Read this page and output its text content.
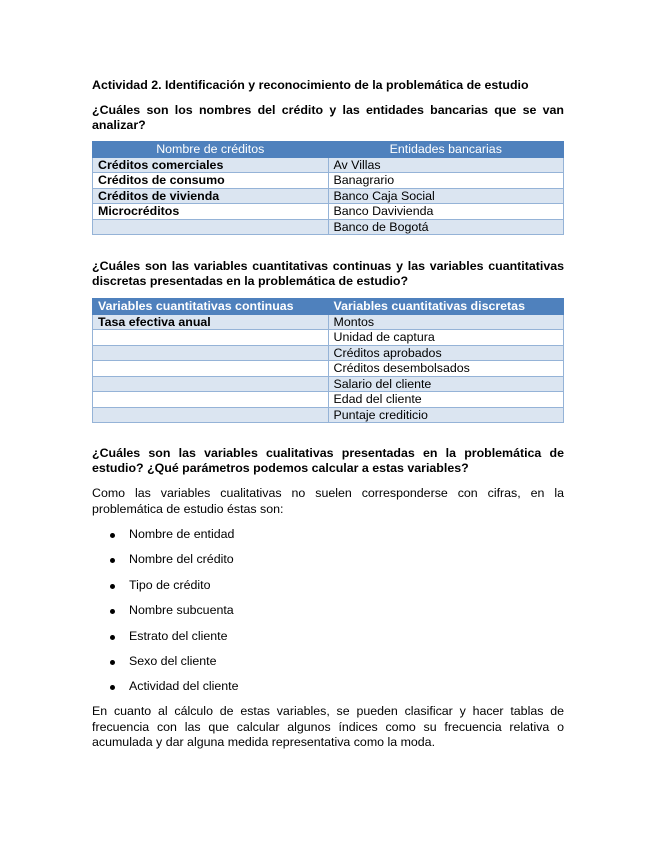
Actividad 2. Identificación y reconocimiento de la problemática de estudio
¿Cuáles son los nombres del crédito y las entidades bancarias que se van
analizar?
Nombre de créditos	Entidades bancarias
Créditos comerciales	Av Villas
Créditos de consumo	Banagrario
Créditos de vivienda	Banco Caja Social
Microcréditos	Banco Davivienda
	Banco de Bogotá
¿Cuáles son las variables cuantitativas continuas y las variables cuantitativas
discretas presentadas en la problemática de estudio?
Variables cuantitativas continuas	Variables cuantitativas discretas
Tasa efectiva anual	Montos
	Unidad de captura
	Créditos aprobados
	Créditos desembolsados
	Salario del cliente
	Edad del cliente
	Puntaje crediticio
¿Cuáles son las variables cualitativas presentadas en la problemática de
estudio? ¿Qué parámetros podemos calcular a estas variables?
Como las variables cualitativas no suelen corresponderse con cifras, en la
problemática de estudio éstas son:
Nombre de entidad
Nombre del crédito
Tipo de crédito
Nombre subcuenta
Estrato del cliente
Sexo del cliente
Actividad del cliente
En cuanto al cálculo de estas variables, se pueden clasificar y hacer tablas de
frecuencia con las que calcular algunos índices como su frecuencia relativa o
acumulada y dar alguna medida representativa como la moda.
